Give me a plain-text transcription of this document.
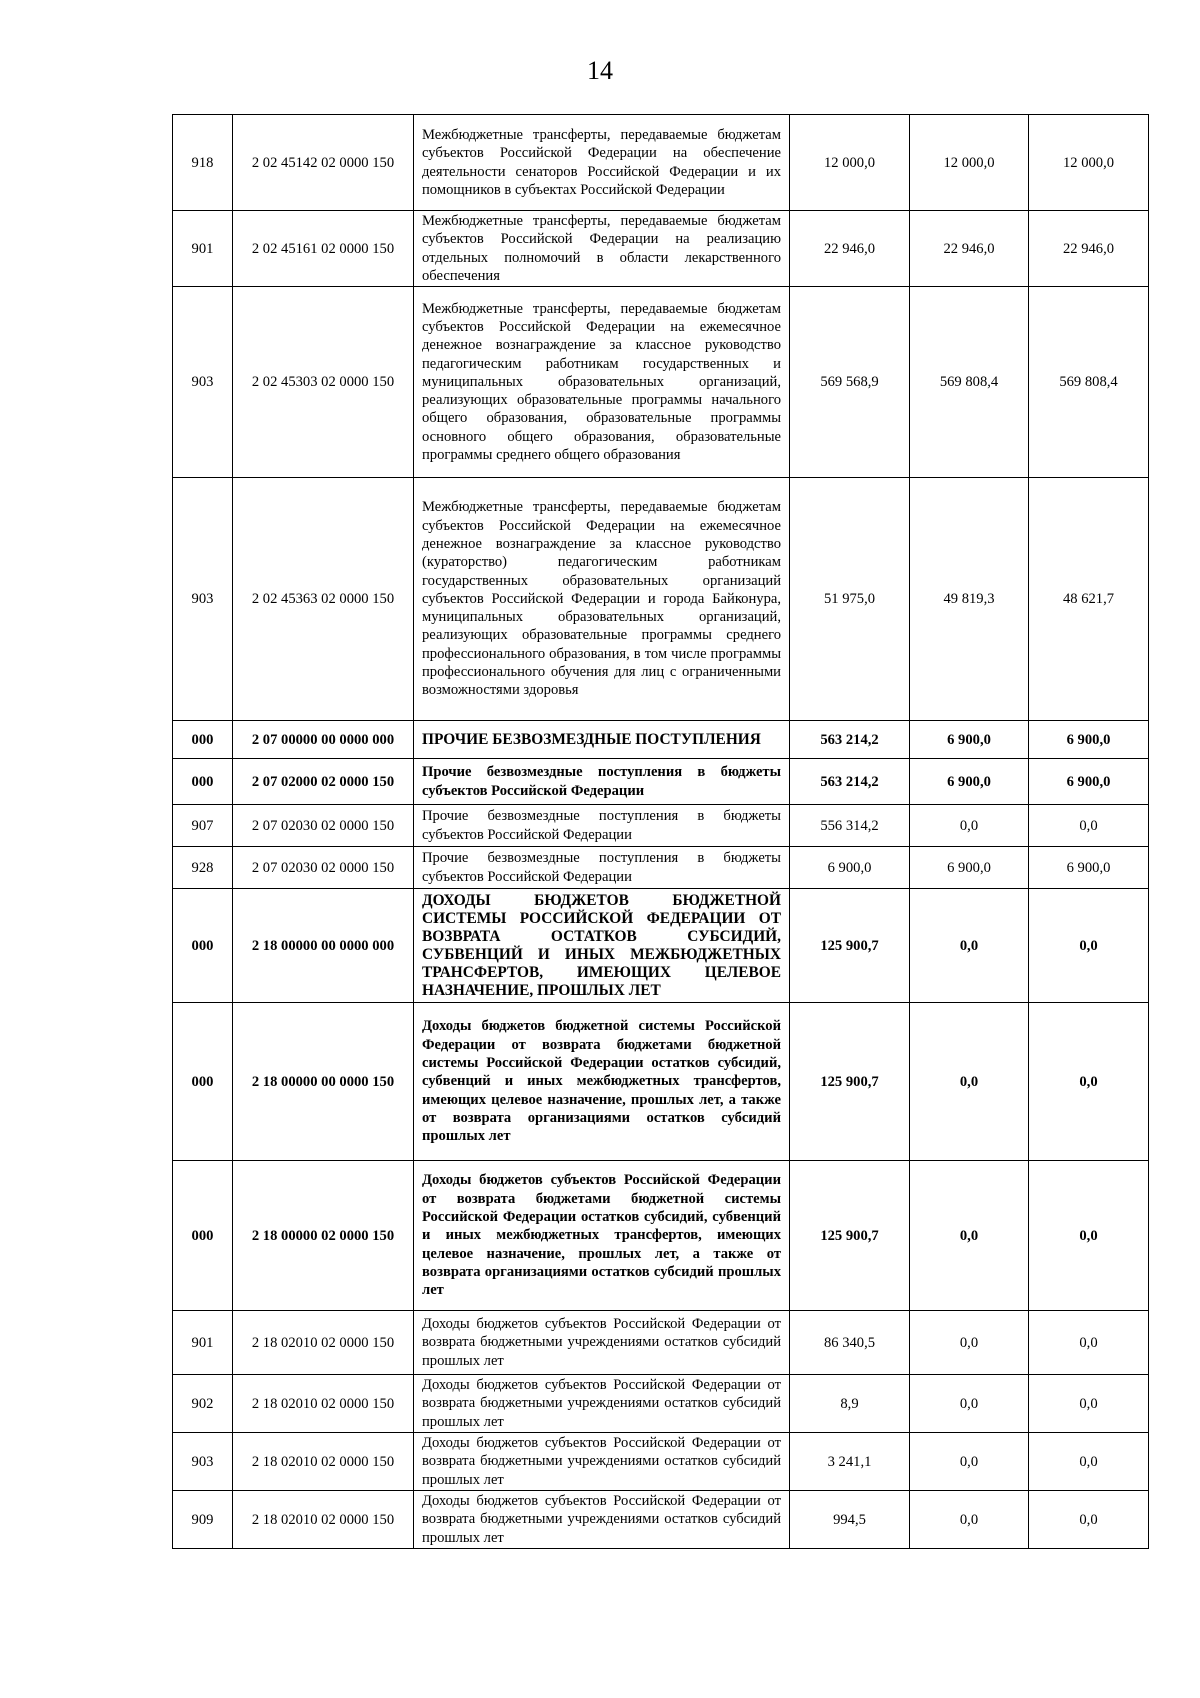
14
918	2 02 45142 02 0000 150	Межбюджетные трансферты, передаваемые бюджетам субъектов Российской Федерации на обеспечение деятельности сенаторов Российской Федерации и их помощников в субъектах Российской Федерации	12 000,0	12 000,0	12 000,0
901	2 02 45161 02 0000 150	Межбюджетные трансферты, передаваемые бюджетам субъектов Российской Федерации на реализацию отдельных полномочий в области лекарственного обеспечения	22 946,0	22 946,0	22 946,0
903	2 02 45303 02 0000 150	Межбюджетные трансферты, передаваемые бюджетам субъектов Российской Федерации на ежемесячное денежное вознаграждение за классное руководство педагогическим работникам государственных и муниципальных образовательных организаций, реализующих образовательные программы начального общего образования, образовательные программы основного общего образования, образовательные программы среднего общего образования	569 568,9	569 808,4	569 808,4
903	2 02 45363 02 0000 150	Межбюджетные трансферты, передаваемые бюджетам субъектов Российской Федерации на ежемесячное денежное вознаграждение за классное руководство (кураторство) педагогическим работникам государственных образовательных организаций субъектов Российской Федерации и города Байконура, муниципальных образовательных организаций, реализующих образовательные программы среднего профессионального образования, в том числе программы профессионального обучения для лиц с ограниченными возможностями здоровья	51 975,0	49 819,3	48 621,7
000	2 07 00000 00 0000 000	ПРОЧИЕ БЕЗВОЗМЕЗДНЫЕ ПОСТУПЛЕНИЯ	563 214,2	6 900,0	6 900,0
000	2 07 02000 02 0000 150	Прочие безвозмездные поступления в бюджеты субъектов Российской Федерации	563 214,2	6 900,0	6 900,0
907	2 07 02030 02 0000 150	Прочие безвозмездные поступления в бюджеты субъектов Российской Федерации	556 314,2	0,0	0,0
928	2 07 02030 02 0000 150	Прочие безвозмездные поступления в бюджеты субъектов Российской Федерации	6 900,0	6 900,0	6 900,0
000	2 18 00000 00 0000 000	ДОХОДЫ БЮДЖЕТОВ БЮДЖЕТНОЙ СИСТЕМЫ РОССИЙСКОЙ ФЕДЕРАЦИИ ОТ ВОЗВРАТА ОСТАТКОВ СУБСИДИЙ, СУБВЕНЦИЙ И ИНЫХ МЕЖБЮДЖЕТНЫХ ТРАНСФЕРТОВ, ИМЕЮЩИХ ЦЕЛЕВОЕ НАЗНАЧЕНИЕ, ПРОШЛЫХ ЛЕТ	125 900,7	0,0	0,0
000	2 18 00000 00 0000 150	Доходы бюджетов бюджетной системы Российской Федерации от возврата бюджетами бюджетной системы Российской Федерации остатков субсидий, субвенций и иных межбюджетных трансфертов, имеющих целевое назначение, прошлых лет, а также от возврата организациями остатков субсидий прошлых лет	125 900,7	0,0	0,0
000	2 18 00000 02 0000 150	Доходы бюджетов субъектов Российской Федерации от возврата бюджетами бюджетной системы Российской Федерации остатков субсидий, субвенций и иных межбюджетных трансфертов, имеющих целевое назначение, прошлых лет, а также от возврата организациями остатков субсидий прошлых лет	125 900,7	0,0	0,0
901	2 18 02010 02 0000 150	Доходы бюджетов субъектов Российской Федерации от возврата бюджетными учреждениями остатков субсидий прошлых лет	86 340,5	0,0	0,0
902	2 18 02010 02 0000 150	Доходы бюджетов субъектов Российской Федерации от возврата бюджетными учреждениями остатков субсидий прошлых лет	8,9	0,0	0,0
903	2 18 02010 02 0000 150	Доходы бюджетов субъектов Российской Федерации от возврата бюджетными учреждениями остатков субсидий прошлых лет	3 241,1	0,0	0,0
909	2 18 02010 02 0000 150	Доходы бюджетов субъектов Российской Федерации от возврата бюджетными учреждениями остатков субсидий прошлых лет	994,5	0,0	0,0
